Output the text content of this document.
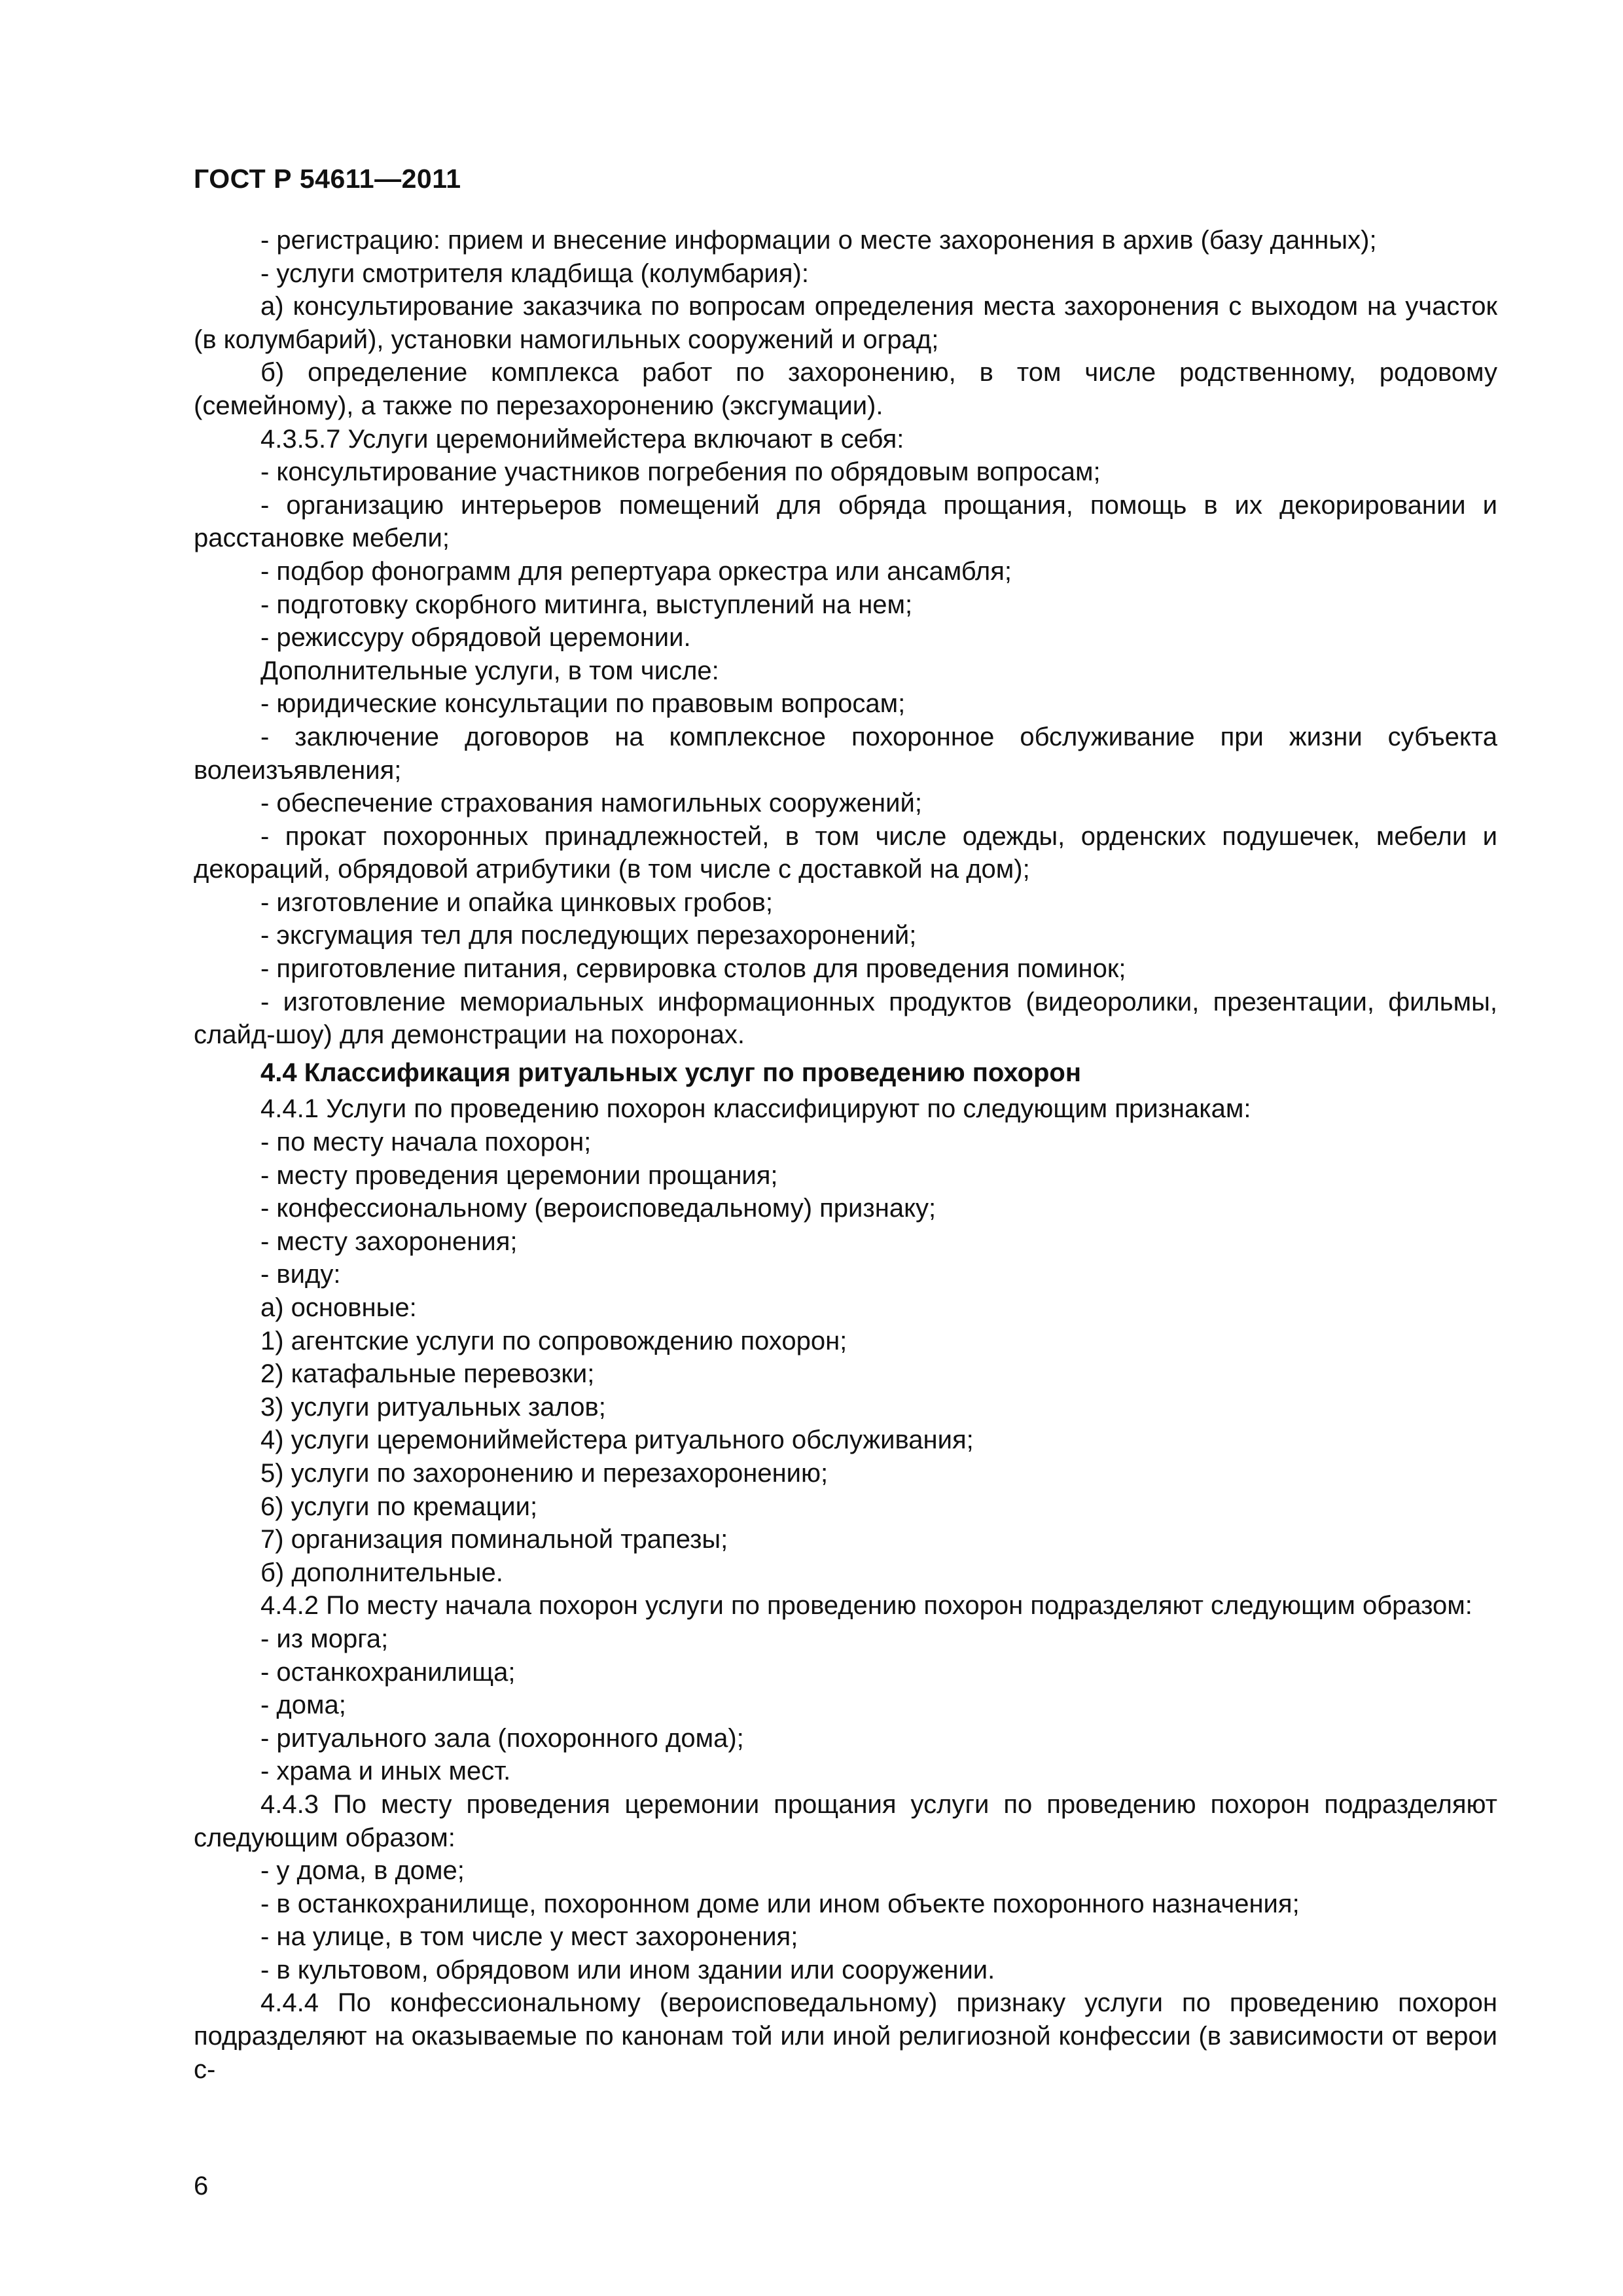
ГОСТ Р 54611—2011

- регистрацию: прием и внесение информации о месте захоронения в архив (базу данных);

- услуги смотрителя кладбища (колумбария):

а) консультирование заказчика по вопросам определения места захоронения с выходом на участок (в колумбарий), установки намогильных сооружений и оград;

б) определение комплекса работ по захоронению, в том числе родственному, родовому (семейному), а также по перезахоронению (эксгумации).

4.3.5.7 Услуги церемониймейстера включают в себя:

- консультирование участников погребения по обрядовым вопросам;

- организацию интерьеров помещений для обряда прощания, помощь в их декорировании и расстановке мебели;

- подбор фонограмм для репертуара оркестра или ансамбля;

- подготовку скорбного митинга, выступлений на нем;

- режиссуру обрядовой церемонии.

Дополнительные услуги, в том числе:

- юридические консультации по правовым вопросам;

- заключение договоров на комплексное похоронное обслуживание при жизни субъекта волеизъявления;

- обеспечение страхования намогильных сооружений;

- прокат похоронных принадлежностей, в том числе одежды, орденских подушечек, мебели и декораций, обрядовой атрибутики (в том числе с доставкой на дом);

- изготовление и опайка цинковых гробов;

- эксгумация тел для последующих перезахоронений;

- приготовление питания, сервировка столов для проведения поминок;

- изготовление мемориальных информационных продуктов (видеоролики, презентации, фильмы, слайд-шоу) для демонстрации на похоронах.

4.4 Классификация ритуальных услуг по проведению похорон

4.4.1 Услуги по проведению похорон классифицируют по следующим признакам:

- по месту начала похорон;

- месту проведения церемонии прощания;

- конфессиональному (вероисповедальному) признаку;

- месту захоронения;

- виду:

а) основные:

1) агентские услуги по сопровождению похорон;

2) катафальные перевозки;

3) услуги ритуальных залов;

4) услуги церемониймейстера ритуального обслуживания;

5) услуги по захоронению и перезахоронению;

6) услуги по кремации;

7) организация поминальной трапезы;

б) дополнительные.

4.4.2 По месту начала похорон услуги по проведению похорон подразделяют следующим образом:

- из морга;

- останкохранилища;

- дома;

- ритуального зала (похоронного дома);

- храма и иных мест.

4.4.3 По месту проведения церемонии прощания услуги по проведению похорон подразделяют следующим образом:

- у дома, в доме;

- в останкохранилище, похоронном доме или ином объекте похоронного назначения;

- на улице, в том числе у мест захоронения;

- в культовом, обрядовом или ином здании или сооружении.

4.4.4 По конфессиональному (вероисповедальному) признаку услуги по проведению похорон подразделяют на оказываемые по канонам той или иной религиозной конфессии (в зависимости от верои с-

6
